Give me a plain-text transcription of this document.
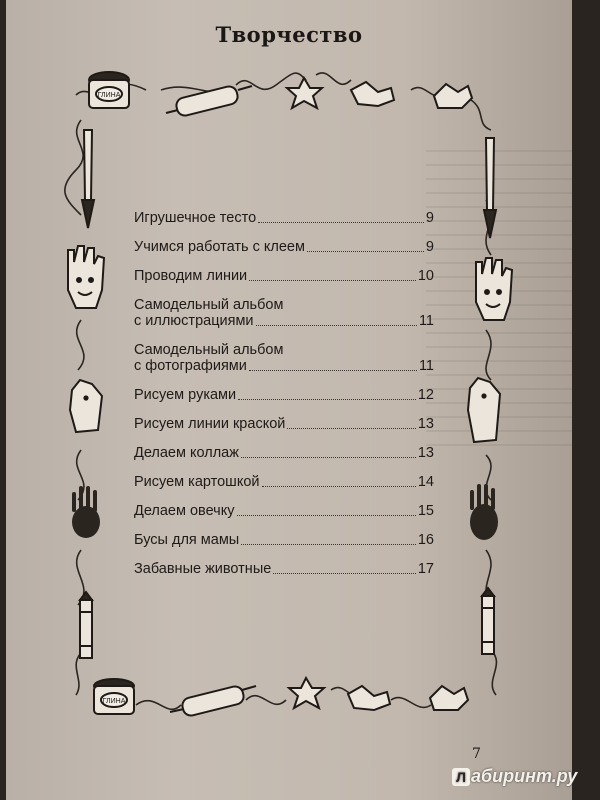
Творчество
ГЛИНА
ГЛИНА
Игрушечное тесто	9
Учимся работать с клеем	9
Проводим линии	10
Самодельный альбом
с иллюстрациями	11
Самодельный альбом
с фотографиями	11
Рисуем руками	12
Рисуем линии краской	13
Делаем коллаж	13
Рисуем картошкой	14
Делаем овечку	15
Бусы для мамы	16
Забавные животные	17
7
Л абиринт.ру
